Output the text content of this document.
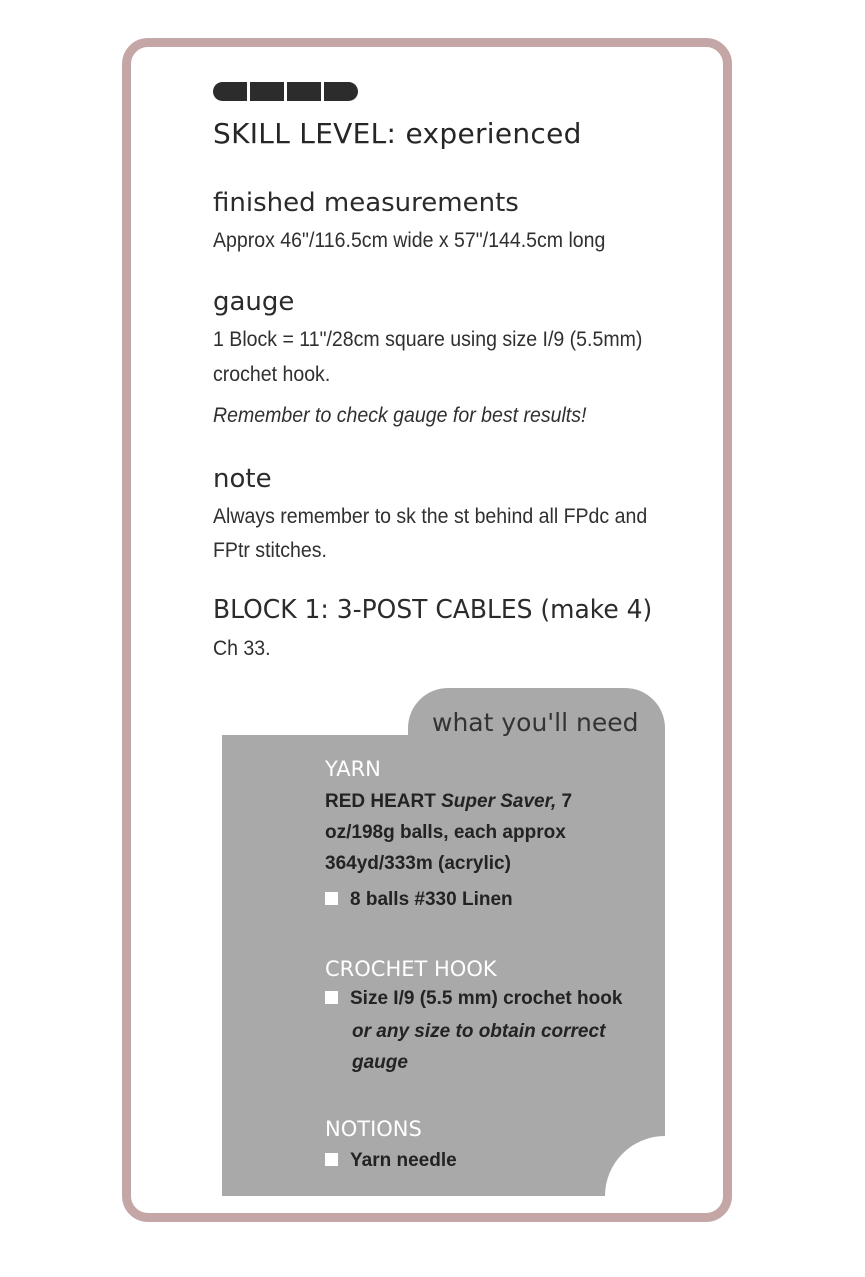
SKILL LEVEL: experienced
finished measurements
Approx 46"/116.5cm wide x 57"/144.5cm long
gauge
1 Block = 11"/28cm square using size I/9 (5.5mm)
crochet hook.
Remember to check gauge for best results!
note
Always remember to sk the st behind all FPdc and
FPtr stitches.
BLOCK 1: 3-POST CABLES (make 4)
Ch 33.
what you'll need
YARN
RED HEART Super Saver, 7
oz/198g balls, each approx
364yd/333m (acrylic)
8 balls #330 Linen
CROCHET HOOK
Size I/9 (5.5 mm) crochet hook
or any size to obtain correct
gauge
NOTIONS
Yarn needle
